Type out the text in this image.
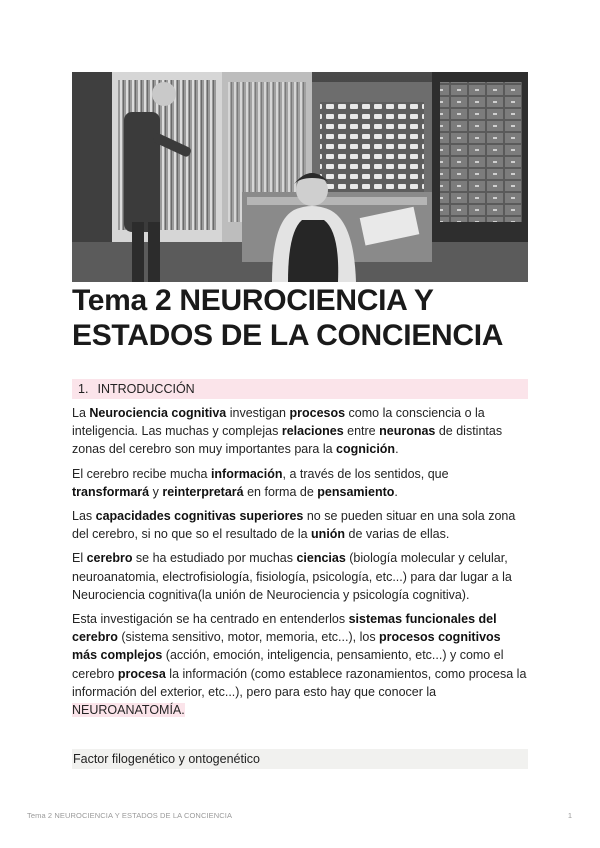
Tema 2 NEUROCIENCIA Y ESTADOS DE LA CONCIENCIA
1. INTRODUCCIÓN

La Neurociencia cognitiva investigan procesos como la consciencia o la inteligencia. Las muchas y complejas relaciones entre neuronas de distintas zonas del cerebro son muy importantes para la cognición.

El cerebro recibe mucha información, a través de los sentidos, que transformará y reinterpretará en forma de pensamiento.

Las capacidades cognitivas superiores no se pueden situar en una sola zona del cerebro, si no que so el resultado de la unión de varias de ellas.

El cerebro se ha estudiado por muchas ciencias (biología molecular y celular, neuroanatomia, electrofisiología, fisiología, psicología, etc...) para dar lugar a la Neurociencia cognitiva(la unión de Neurociencia y psicología cognitiva).

Esta investigación se ha centrado en entenderlos sistemas funcionales del cerebro (sistema sensitivo, motor, memoria, etc...), los procesos cognitivos más complejos (acción, emoción, inteligencia, pensamiento, etc...) y como el cerebro procesa la información (como establece razonamientos, como procesa la información del exterior, etc...), pero para esto hay que conocer la NEUROANATOMÍA.

Factor filogenético y ontogenético
Tema 2 NEUROCIENCIA Y ESTADOS DE LA CONCIENCIA	1
